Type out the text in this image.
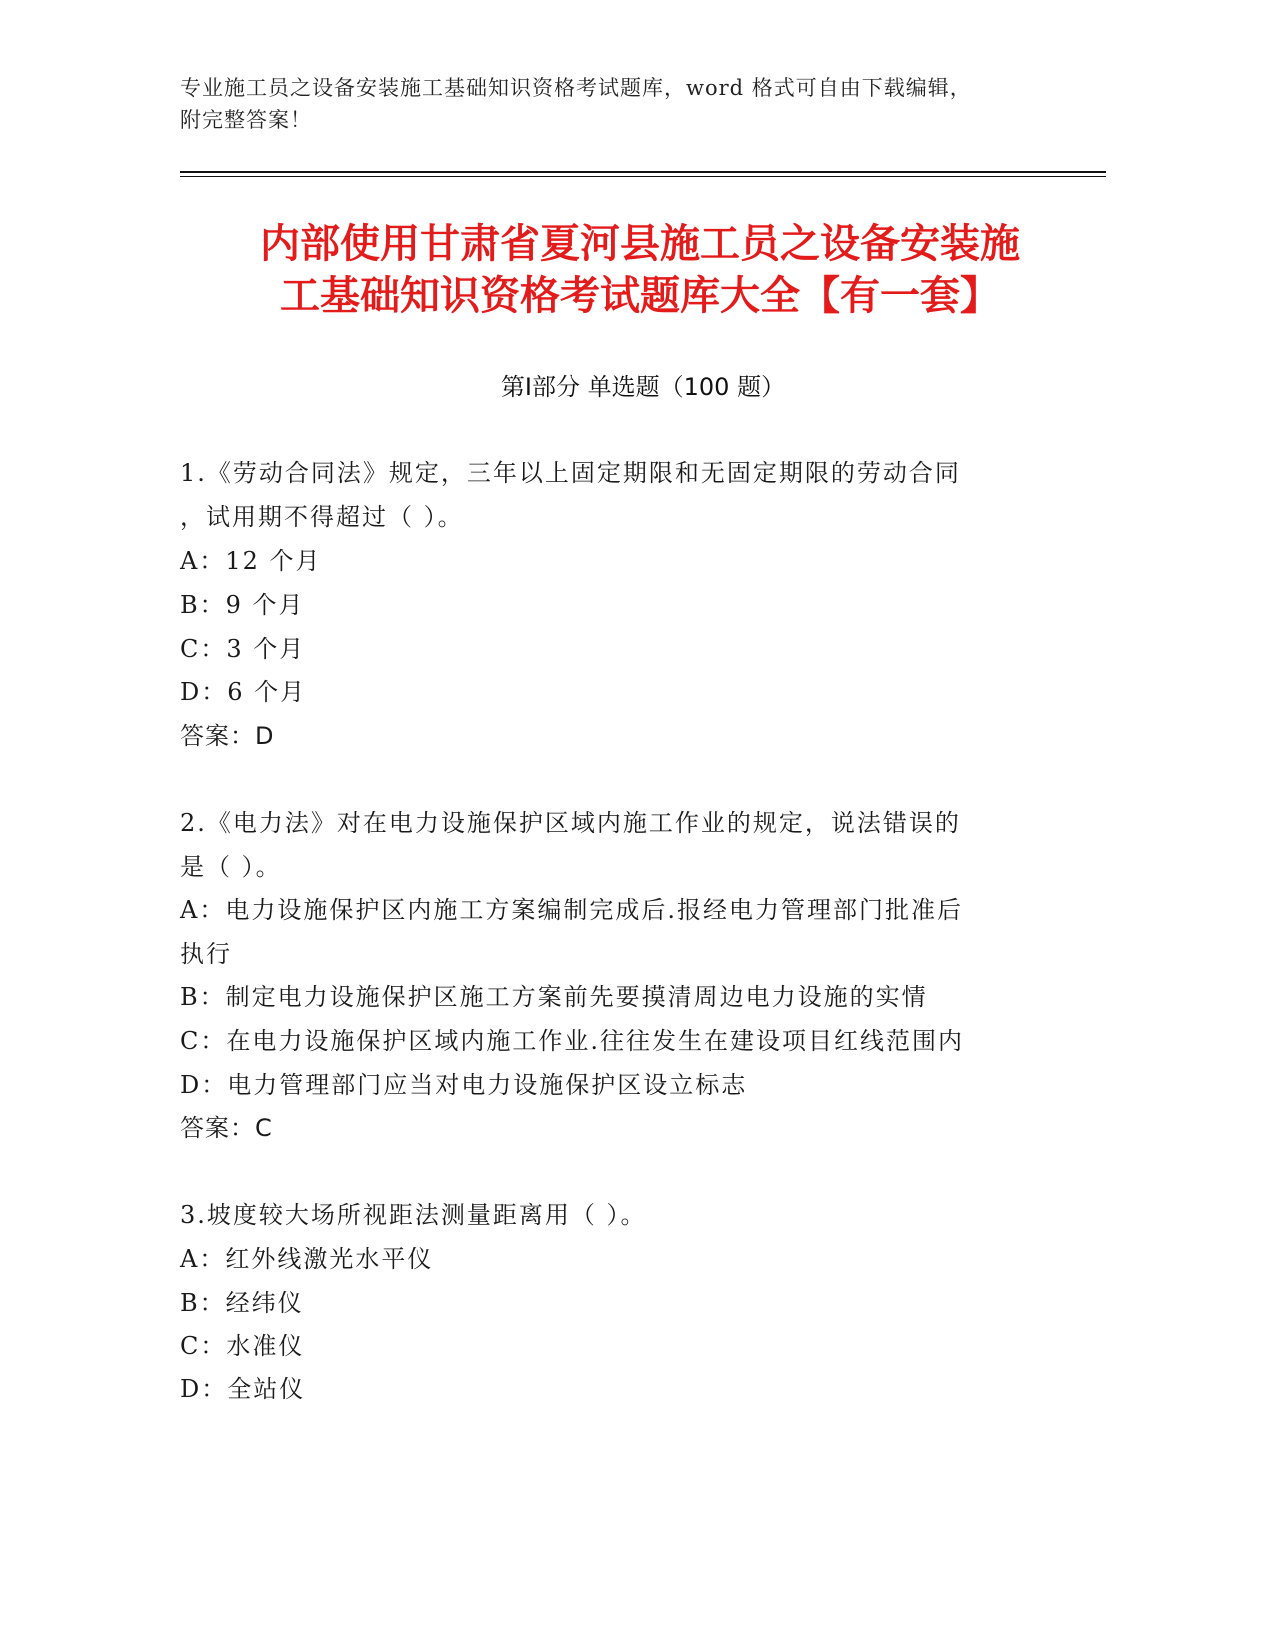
专业施工员之设备安装施工基础知识资格考试题库，word 格式可自由下载编辑，
附完整答案！
内部使用甘肃省夏河县施工员之设备安装施
工基础知识资格考试题库大全【有一套】
第Ⅰ部分 单选题（100 题）
1.《劳动合同法》规定，三年以上固定期限和无固定期限的劳动合同
，试用期不得超过（ ）。
A：12 个月
B：9 个月
C：3 个月
D：6 个月
答案：D
2.《电力法》对在电力设施保护区域内施工作业的规定，说法错误的
是（ ）。
A：电力设施保护区内施工方案编制完成后.报经电力管理部门批准后
执行
B：制定电力设施保护区施工方案前先要摸清周边电力设施的实情
C：在电力设施保护区域内施工作业.往往发生在建设项目红线范围内
D：电力管理部门应当对电力设施保护区设立标志
答案：C
3.坡度较大场所视距法测量距离用（ ）。
A：红外线激光水平仪
B：经纬仪
C：水准仪
D：全站仪
